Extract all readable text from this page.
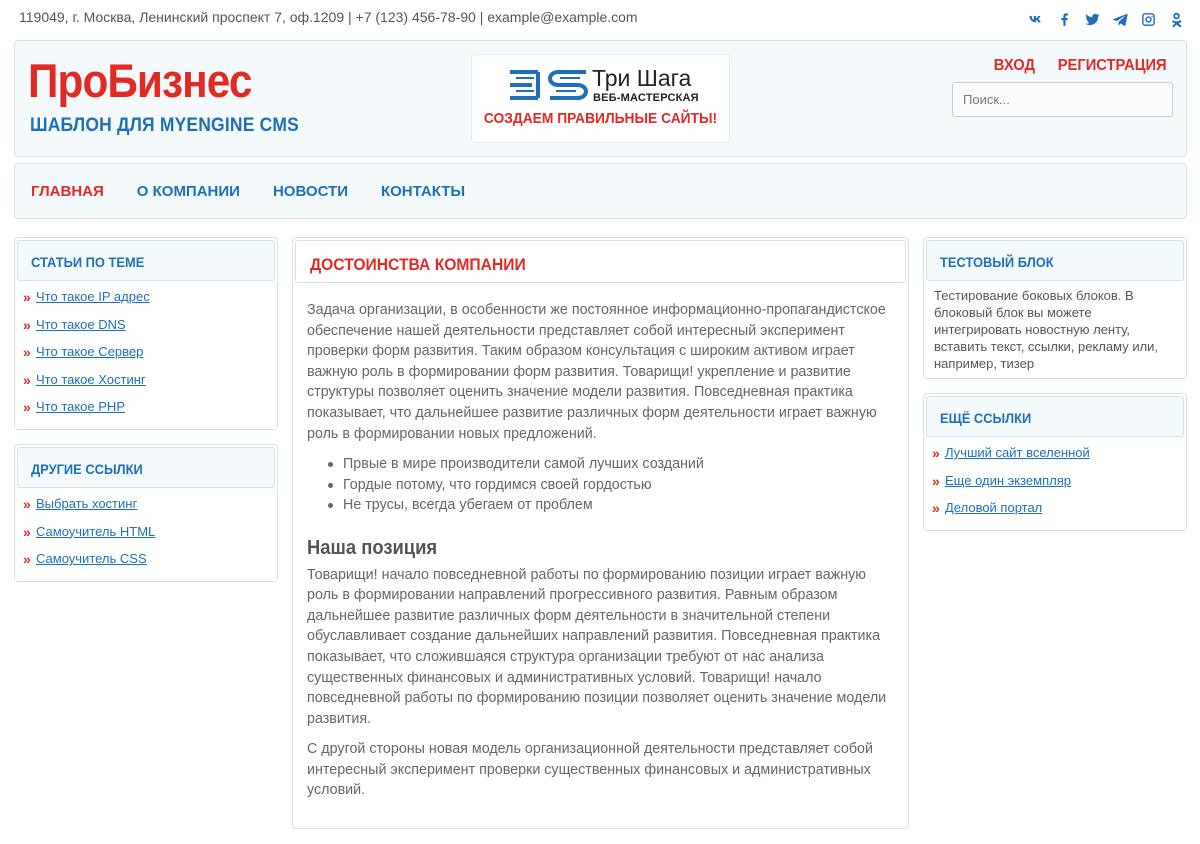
119049, г. Москва, Ленинский проспект 7, оф.1209 | +7 (123) 456-78-90 | example@example.com
ПроБизнес
ШАБЛОН ДЛЯ MYENGINE CMS
Три Шага
ВЕБ-МАСТЕРСКАЯ
СОЗДАЕМ ПРАВИЛЬНЫЕ САЙТЫ!
ВХОД РЕГИСТРАЦИЯ
Поиск...
ГЛАВНАЯ О КОМПАНИИ НОВОСТИ КОНТАКТЫ
СТАТЬИ ПО ТЕМЕ
» Что такое IP адрес
» Что такое DNS
» Что такое Сервер
» Что такое Хостинг
» Что такое PHP
ДРУГИЕ ССЫЛКИ
» Выбрать хостинг
» Самоучитель HTML
» Самоучитель CSS
ДОСТОИНСТВА КОМПАНИИ

Задача организации, в особенности же постоянное информационно-пропагандистское обеспечение нашей деятельности представляет собой интересный эксперимент проверки форм развития. Таким образом консультация с широким активом играет важную роль в формировании форм развития. Товарищи! укрепление и развитие структуры позволяет оценить значение модели развития. Повседневная практика показывает, что дальнейшее развитие различных форм деятельности играет важную роль в формировании новых предложений.

Првые в мире производители самой лучших созданий
Гордые потому, что гордимся своей гордостью
Не трусы, всегда убегаем от проблем
Наша позиция

Товарищи! начало повседневной работы по формированию позиции играет важную роль в формировании направлений прогрессивного развития. Равным образом дальнейшее развитие различных форм деятельности в значительной степени обуславливает создание дальнейших направлений развития. Повседневная практика показывает, что сложившаяся структура организации требуют от нас анализа существенных финансовых и административных условий. Товарищи! начало повседневной работы по формированию позиции позволяет оценить значение модели развития.

С другой стороны новая модель организационной деятельности представляет собой интересный эксперимент проверки существенных финансовых и административных условий.

ТЕСТОВЫЙ БЛОК
Тестирование боковых блоков. В блоковый блок вы можете интегрировать новостную ленту, вставить текст, ссылки, рекламу или, например, тизер
ЕЩЁ ССЫЛКИ
» Лучший сайт вселенной
» Еще один экземпляр
» Деловой портал
